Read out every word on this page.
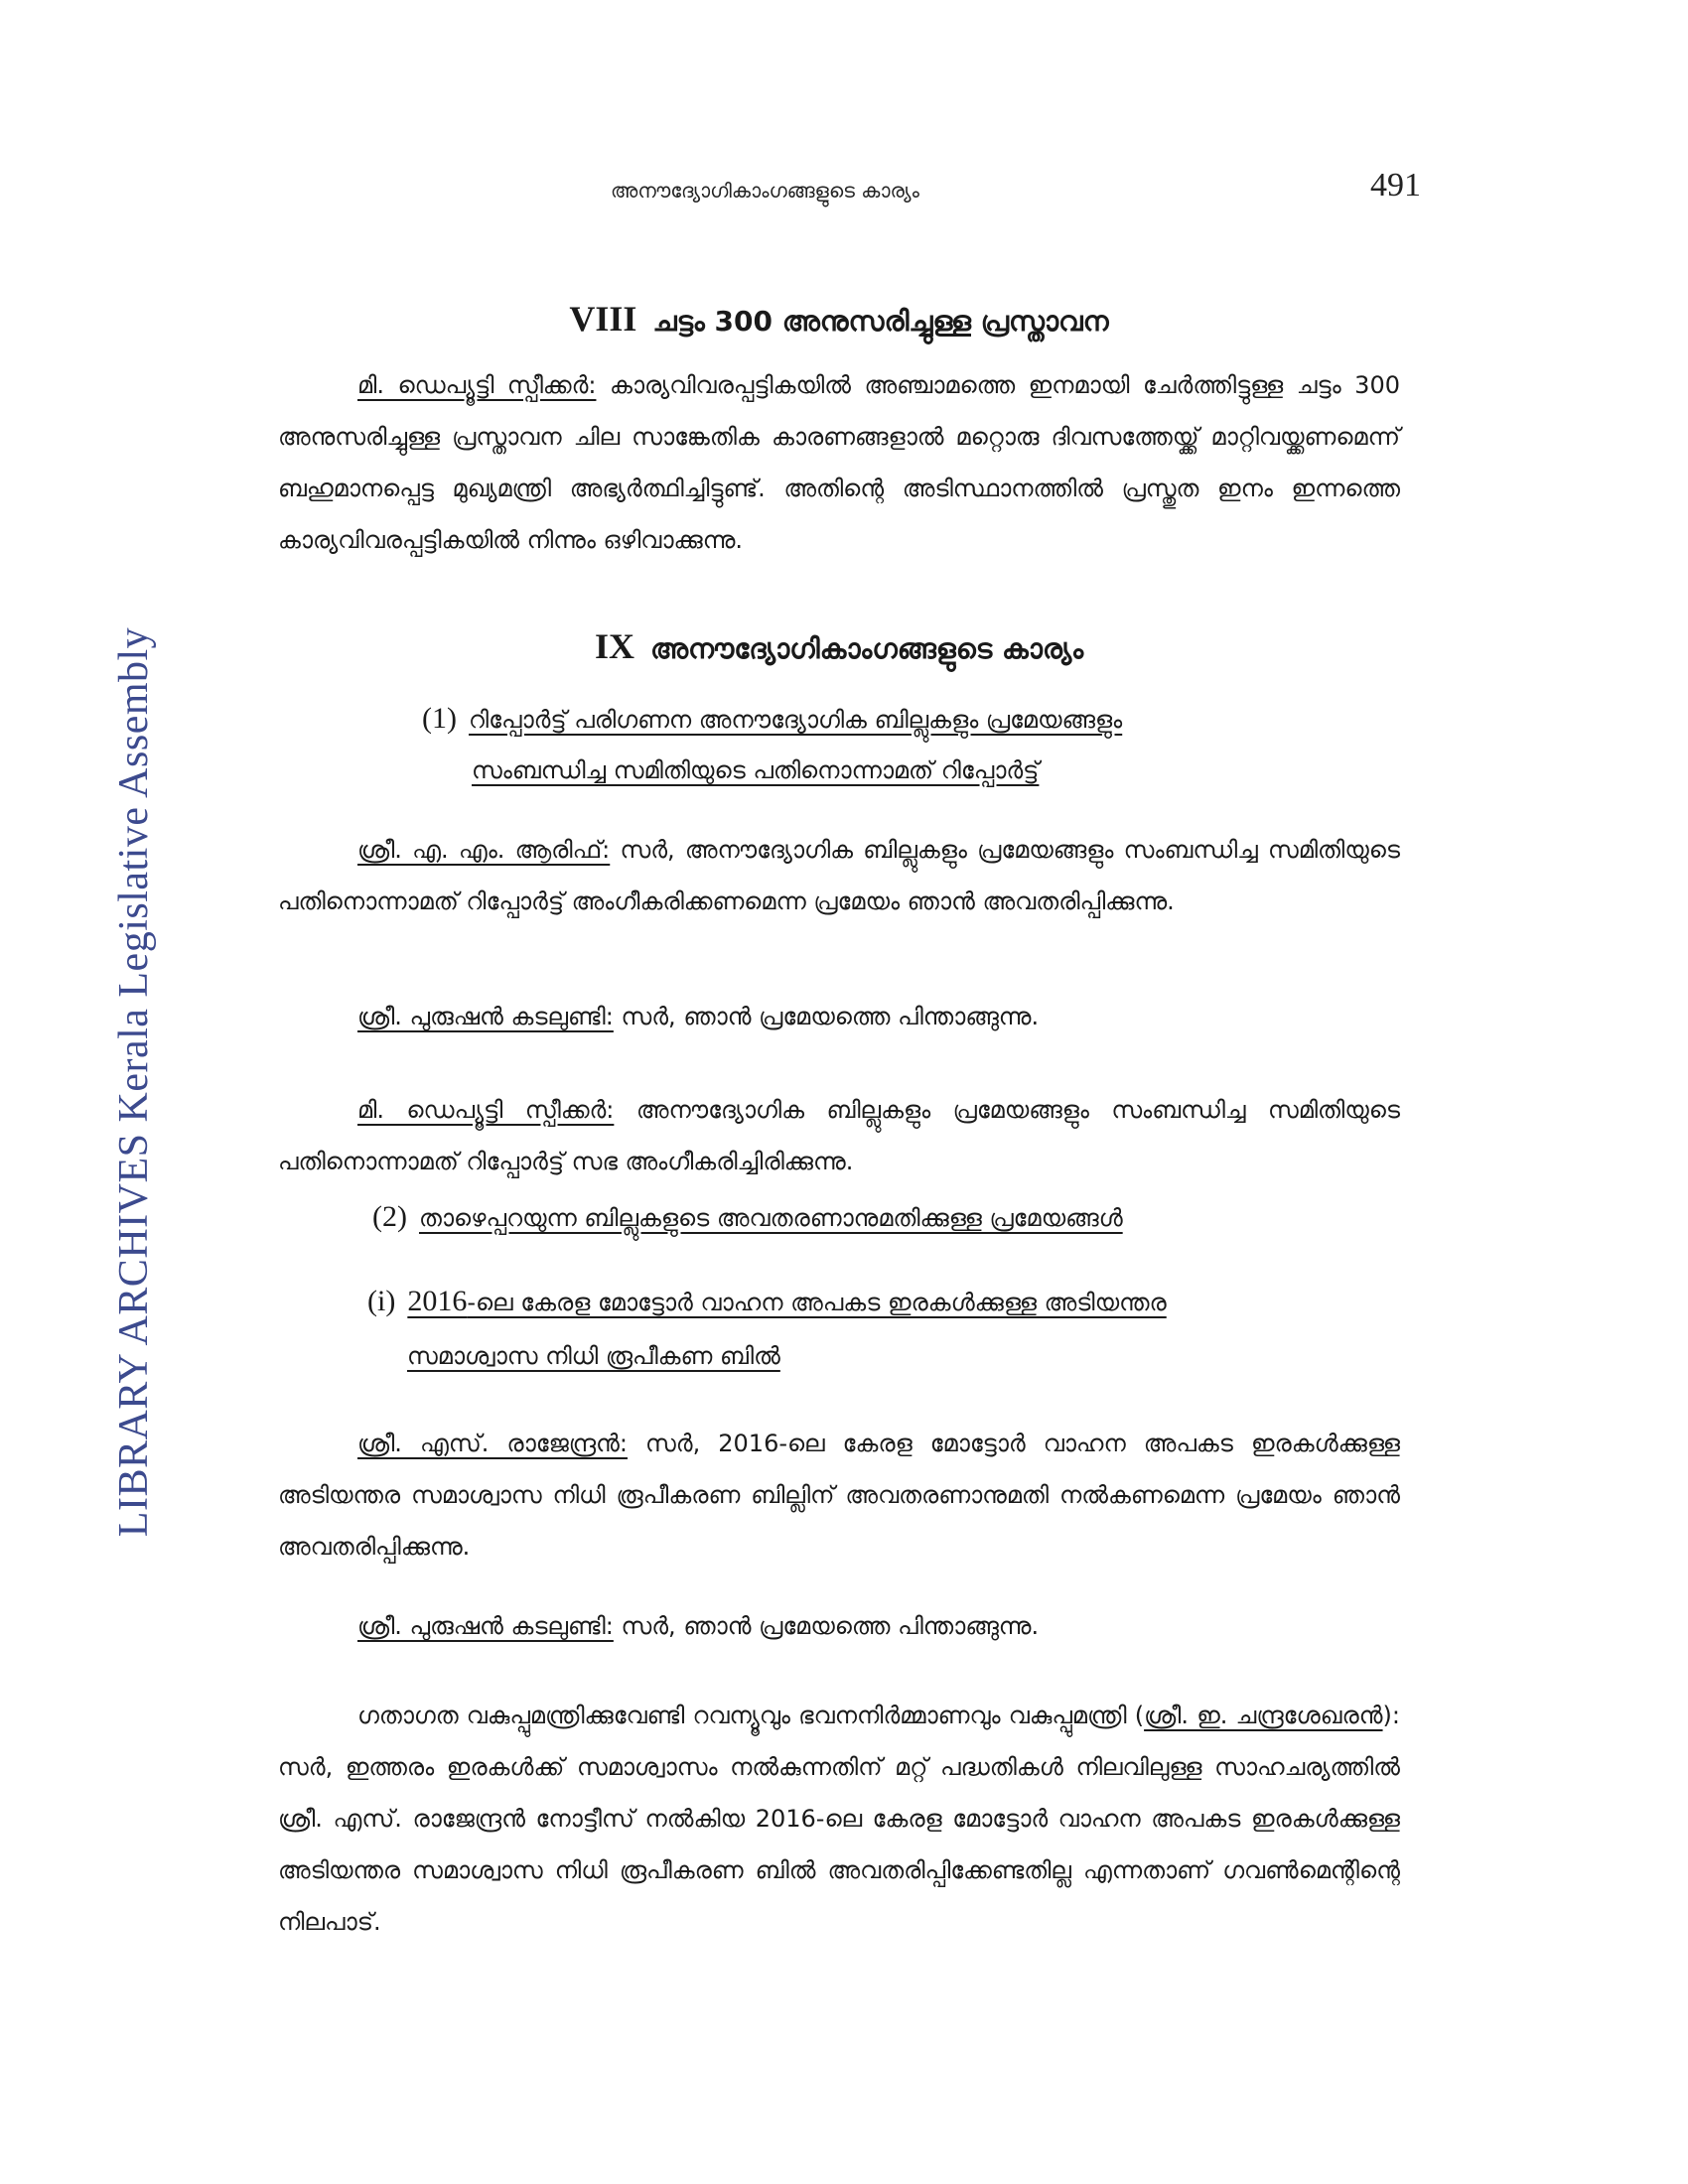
LIBRARY ARCHIVES Kerala Legislative Assembly
അനൗദ്യോഗികാംഗങ്ങളുടെ കാര്യം	491
VIII ചട്ടം 300 അനുസരിച്ചുള്ള പ്രസ്താവന
മി. ഡെപ്യൂട്ടി സ്പീക്കർ: കാര്യവിവരപ്പട്ടികയിൽ അഞ്ചാമത്തെ ഇനമായി ചേർത്തിട്ടുള്ള ചട്ടം 300 അനുസരിച്ചുള്ള പ്രസ്താവന ചില സാങ്കേതിക കാരണങ്ങളാൽ മറ്റൊരു ദിവസത്തേയ്ക്ക് മാറ്റിവയ്ക്കണമെന്ന് ബഹുമാനപ്പെട്ട മുഖ്യമന്ത്രി അഭ്യർത്ഥിച്ചിട്ടുണ്ട്. അതിന്റെ അടിസ്ഥാനത്തിൽ പ്രസ്തുത ഇനം ഇന്നത്തെ കാര്യവിവരപ്പട്ടികയിൽ നിന്നും ഒഴിവാക്കുന്നു.
IX അനൗദ്യോഗികാംഗങ്ങളുടെ കാര്യം
(1) റിപ്പോർട്ട് പരിഗണന അനൗദ്യോഗിക ബില്ലുകളും പ്രമേയങ്ങളും
സംബന്ധിച്ച സമിതിയുടെ പതിനൊന്നാമത് റിപ്പോർട്ട്
ശ്രീ. എ. എം. ആരിഫ്: സർ, അനൗദ്യോഗിക ബില്ലുകളും പ്രമേയങ്ങളും സംബന്ധിച്ച സമിതിയുടെ പതിനൊന്നാമത് റിപ്പോർട്ട് അംഗീകരിക്കണമെന്ന പ്രമേയം ഞാൻ അവതരിപ്പിക്കുന്നു.
ശ്രീ. പുരുഷൻ കടലുണ്ടി: സർ, ഞാൻ പ്രമേയത്തെ പിന്താങ്ങുന്നു.
മി. ഡെപ്യൂട്ടി സ്പീക്കർ: അനൗദ്യോഗിക ബില്ലുകളും പ്രമേയങ്ങളും സംബന്ധിച്ച സമിതിയുടെ പതിനൊന്നാമത് റിപ്പോർട്ട് സഭ അംഗീകരിച്ചിരിക്കുന്നു.
(2) താഴെപ്പറയുന്ന ബില്ലുകളുടെ അവതരണാനുമതിക്കുള്ള പ്രമേയങ്ങൾ
(i) 2016-ലെ കേരള മോട്ടോർ വാഹന അപകട ഇരകൾക്കുള്ള അടിയന്തര
സമാശ്വാസ നിധി രൂപീകണ ബിൽ
ശ്രീ. എസ്. രാജേന്ദ്രൻ: സർ, 2016-ലെ കേരള മോട്ടോർ വാഹന അപകട ഇരകൾക്കുള്ള അടിയന്തര സമാശ്വാസ നിധി രൂപീകരണ ബില്ലിന് അവതരണാനുമതി നൽകണമെന്ന പ്രമേയം ഞാൻ അവതരിപ്പിക്കുന്നു.
ശ്രീ. പുരുഷൻ കടലുണ്ടി: സർ, ഞാൻ പ്രമേയത്തെ പിന്താങ്ങുന്നു.
ഗതാഗത വകുപ്പുമന്ത്രിക്കുവേണ്ടി റവന്യൂവും ഭവനനിർമ്മാണവും വകുപ്പുമന്ത്രി (ശ്രീ. ഇ. ചന്ദ്രശേഖരൻ): സർ, ഇത്തരം ഇരകൾക്ക് സമാശ്വാസം നൽകുന്നതിന് മറ്റ് പദ്ധതികൾ നിലവിലുള്ള സാഹചര്യത്തിൽ ശ്രീ. എസ്. രാജേന്ദ്രൻ നോട്ടീസ് നൽകിയ 2016-ലെ കേരള മോട്ടോർ വാഹന അപകട ഇരകൾക്കുള്ള അടിയന്തര സമാശ്വാസ നിധി രൂപീകരണ ബിൽ അവതരിപ്പിക്കേണ്ടതില്ല എന്നതാണ് ഗവൺമെന്റിന്റെ നിലപാട്.
